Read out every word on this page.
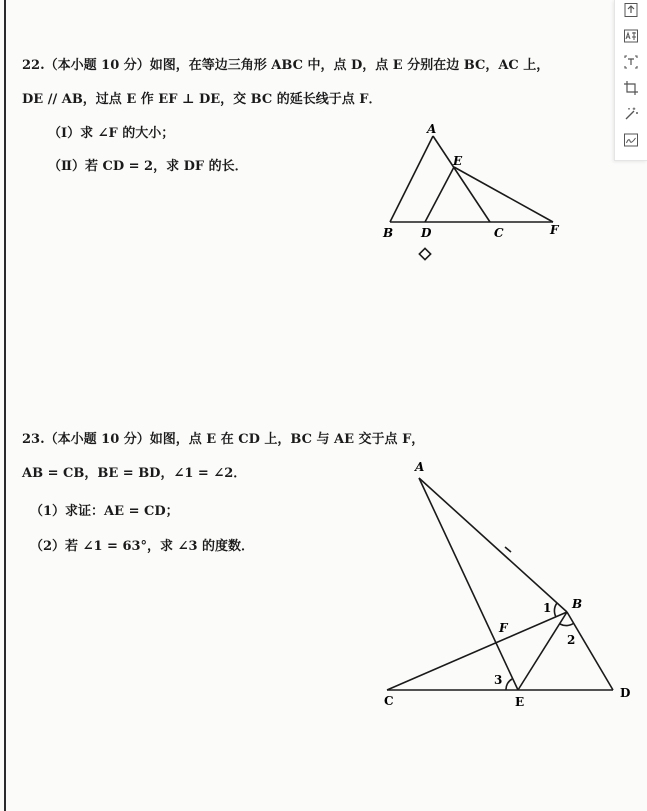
22.（本小题 10 分）如图，在等边三角形 ABC 中，点 D，点 E 分别在边 BC，AC 上，
DE // AB，过点 E 作 EF ⊥ DE，交 BC 的延长线于点 F．
（Ⅰ）求 ∠F 的大小；
（Ⅱ）若 CD = 2，求 DF 的长．
A
E
B D	C	F
23.（本小题 10 分）如图，点 E 在 CD 上，BC 与 AE 交于点 F，
AB = CB，BE = BD，∠1 = ∠2．
（1）求证：AE = CD；
（2）若 ∠1 = 63°，求 ∠3 的度数．
A
B
F
1
2
3
C	E
D
